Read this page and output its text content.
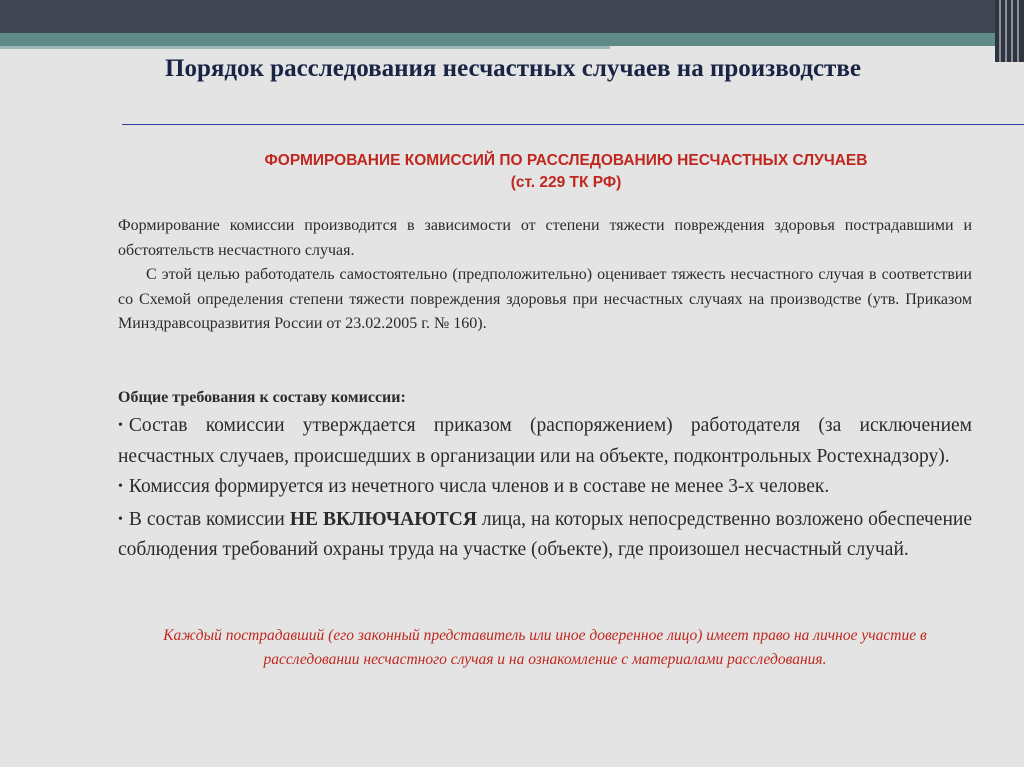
Порядок расследования несчастных случаев на производстве
ФОРМИРОВАНИЕ КОМИССИЙ ПО РАССЛЕДОВАНИЮ НЕСЧАСТНЫХ СЛУЧАЕВ
(ст. 229 ТК РФ)

Формирование комиссии производится в зависимости от степени тяжести повреждения здоровья пострадавшими и обстоятельств несчастного случая.

С этой целью работодатель самостоятельно (предположительно) оценивает тяжесть несчастного случая в соответствии со Схемой определения степени тяжести повреждения здоровья при несчастных случаях на производстве (утв. Приказом Минздравсоцразвития России от 23.02.2005 г. № 160).

Общие требования к составу комиссии:

• Состав комиссии утверждается приказом (распоряжением) работодателя (за исключением несчастных случаев, происшедших в организации или на объекте, подконтрольных Ростехнадзору).
• Комиссия формируется из нечетного числа членов и в составе не менее 3-х человек.
• В состав комиссии НЕ ВКЛЮЧАЮТСЯ лица, на которых непосредственно возложено обеспечение соблюдения требований охраны труда на участке (объекте), где произошел несчастный случай.
Каждый пострадавший (его законный представитель или иное доверенное лицо) имеет право на личное участие в расследовании несчастного случая и на ознакомление с материалами расследования.
